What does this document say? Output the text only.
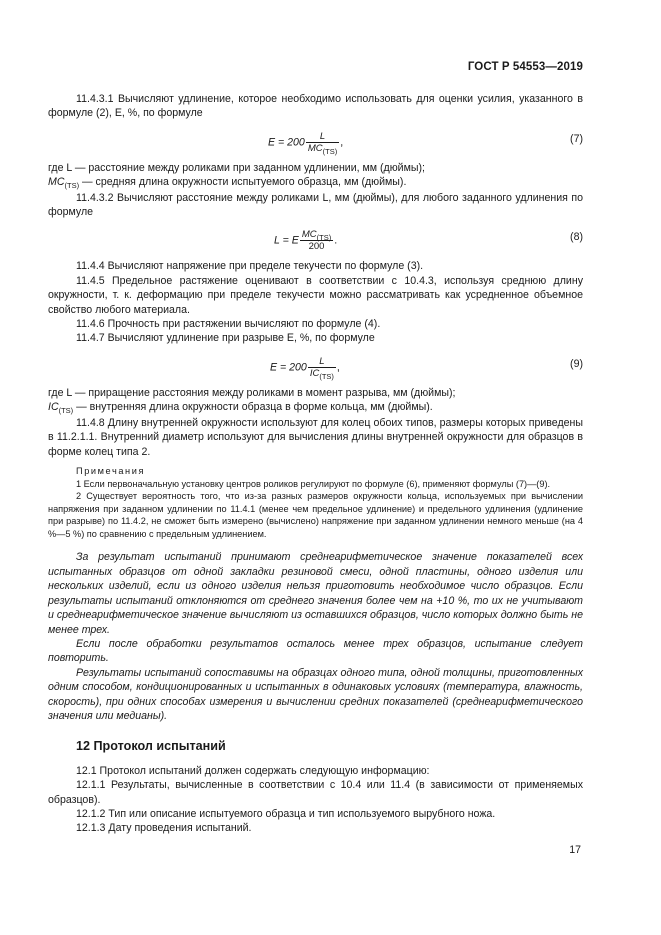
ГОСТ Р 54553—2019

11.4.3.1 Вычисляют удлинение, которое необходимо использовать для оценки усилия, указанного в формуле (2), E, %, по формуле

$E = 200 \frac{L}{MC_{(TS)}}$ ,	(7)

где L — расстояние между роликами при заданном удлинении, мм (дюймы);

$MC_{(TS)}$ — средняя длина окружности испытуемого образца, мм (дюймы).

11.4.3.2 Вычисляют расстояние между роликами L, мм (дюймы), для любого заданного удлинения по формуле

L = E $\frac{MC_{(TS)}}{200}$ .	(8)

11.4.4 Вычисляют напряжение при пределе текучести по формуле (3).

11.4.5 Предельное растяжение оценивают в соответствии с 10.4.3, используя среднюю длину окружности, т. к. деформацию при пределе текучести можно рассматривать как усредненное объемное свойство любого материала.

11.4.6 Прочность при растяжении вычисляют по формуле (4).

11.4.7 Вычисляют удлинение при разрыве E, %, по формуле

$E = 200 \frac{L}{IC_{(TS)}}$ ,	(9)

где L — приращение расстояния между роликами в момент разрыва, мм (дюймы);

$IC_{(TS)}$ — внутренняя длина окружности образца в форме кольца, мм (дюймы).

11.4.8 Длину внутренней окружности используют для колец обоих типов, размеры которых приведены в 11.2.1.1. Внутренний диаметр используют для вычисления длины внутренней окружности для образцов в форме колец типа 2.

Примечания

1 Если первоначальную установку центров роликов регулируют по формуле (6), применяют формулы (7)—(9).

2 Существует вероятность того, что из-за разных размеров окружности кольца, используемых при вычислении напряжения при заданном удлинении по 11.4.1 (менее чем предельное удлинение) и предельного удлинения (удлинение при разрыве) по 11.4.2, не сможет быть измерено (вычислено) напряжение при заданном удлинении немного меньше (на 4 %—5 %) по сравнению с предельным удлинением.

За результат испытаний принимают среднеарифметическое значение показателей всех испытанных образцов от одной закладки резиновой смеси, одной пластины, одного изделия или нескольких изделий, если из одного изделия нельзя приготовить необходимое число образцов. Если результаты испытаний отклоняются от среднего значения более чем на +10 %, то их не учитывают и среднеарифметическое значение вычисляют из оставшихся образцов, число которых должно быть не менее трех.

Если после обработки результатов осталось менее трех образцов, испытание следует повторить.

Результаты испытаний сопоставимы на образцах одного типа, одной толщины, приготовленных одним способом, кондиционированных и испытанных в одинаковых условиях (температура, влажность, скорость), при одних способах измерения и вычислении средних показателей (среднеарифметического значения или медианы).

12 Протокол испытаний

12.1 Протокол испытаний должен содержать следующую информацию:

12.1.1 Результаты, вычисленные в соответствии с 10.4 или 11.4 (в зависимости от применяемых образцов).

12.1.2 Тип или описание испытуемого образца и тип используемого вырубного ножа.

12.1.3 Дату проведения испытаний.

17
